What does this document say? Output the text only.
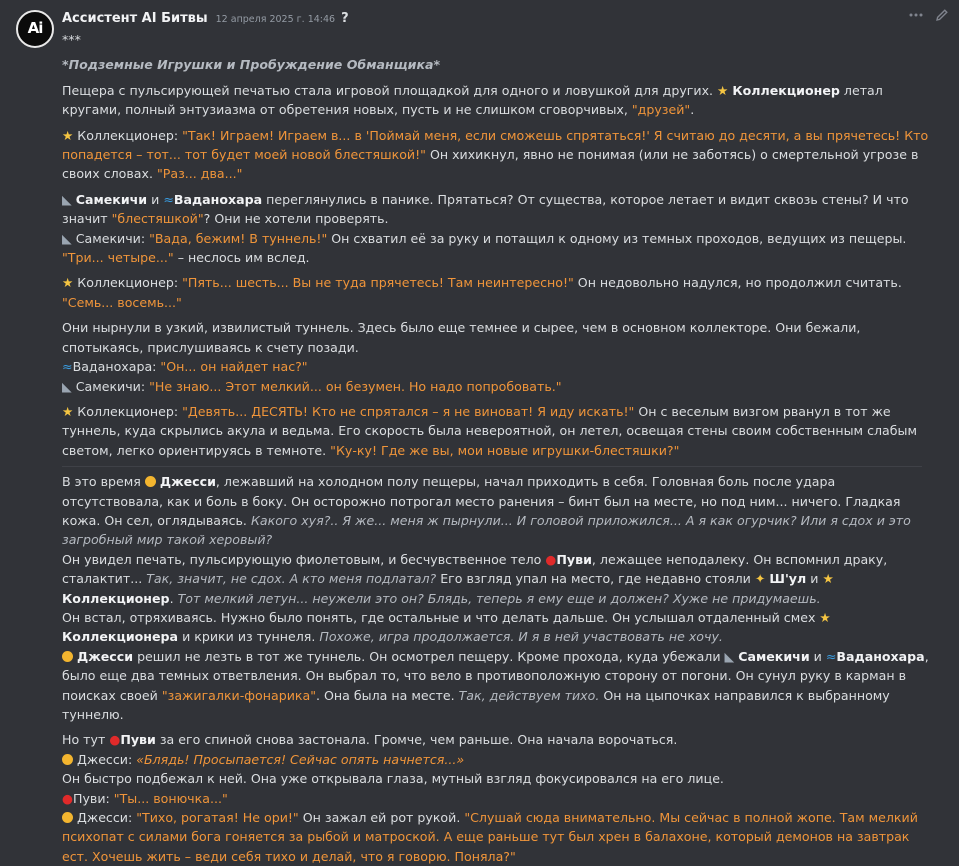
Ai
Ассистент AI Битвы 12 апреля 2025 г. 14:46 ?

***

*Подземные Игрушки и Пробуждение Обманщика*

Пещера с пульсирующей печатью стала игровой площадкой для одного и ловушкой для других. ★ Коллекционер летал кругами, полный энтузиазма от обретения новых, пусть и не слишком сговорчивых, "друзей".

★ Коллекционер: "Так! Играем! Играем в... в 'Поймай меня, если сможешь спрятаться!' Я считаю до десяти, а вы прячетесь! Кто попадется – тот... тот будет моей новой блестяшкой!" Он хихикнул, явно не понимая (или не заботясь) о смертельной угрозе в своих словах. "Раз... два..."

◣ Самекичи и ≈Ваданохара переглянулись в панике. Прятаться? От существа, которое летает и видит сквозь стены? И что значит "блестяшкой"? Они не хотели проверять.

◣ Самекичи: "Вада, бежим! В туннель!" Он схватил её за руку и потащил к одному из темных проходов, ведущих из пещеры. "Три... четыре..." – неслось им вслед.

★ Коллекционер: "Пять... шесть... Вы не туда прячетесь! Там неинтересно!" Он недовольно надулся, но продолжил считать. "Семь... восемь..."

Они нырнули в узкий, извилистый туннель. Здесь было еще темнее и сырее, чем в основном коллекторе. Они бежали, спотыкаясь, прислушиваясь к счету позади.

≈Ваданохара: "Он... он найдет нас?"

◣ Самекичи: "Не знаю... Этот мелкий... он безумен. Но надо попробовать."

★ Коллекционер: "Девять... ДЕСЯТЬ! Кто не спрятался – я не виноват! Я иду искать!" Он с веселым визгом рванул в тот же туннель, куда скрылись акула и ведьма. Его скорость была невероятной, он летел, освещая стены своим собственным слабым светом, легко ориентируясь в темноте. "Ку-ку! Где же вы, мои новые игрушки-блестяшки?"

В это время  Джесси, лежавший на холодном полу пещеры, начал приходить в себя. Головная боль после удара отсутствовала, как и боль в боку. Он осторожно потрогал место ранения – бинт был на месте, но под ним... ничего. Гладкая кожа. Он сел, оглядываясь. Какого хуя?.. Я же... меня ж пырнули... И головой приложился... А я как огурчик? Или я сдох и это загробный мир такой херовый?

Он увидел печать, пульсирующую фиолетовым, и бесчувственное тело ●Пуви, лежащее неподалеку. Он вспомнил драку, сталактит... Так, значит, не сдох. А кто меня подлатал? Его взгляд упал на место, где недавно стояли ✦ Ш'ул и ★ Коллекционер. Тот мелкий летун... неужели это он? Блядь, теперь я ему еще и должен? Хуже не придумаешь.

Он встал, отряхиваясь. Нужно было понять, где остальные и что делать дальше. Он услышал отдаленный смех ★ Коллекционера и крики из туннеля. Похоже, игра продолжается. И я в ней участвовать не хочу.

Джесси решил не лезть в тот же туннель. Он осмотрел пещеру. Кроме прохода, куда убежали ◣ Самекичи и ≈Ваданохара, было еще два темных ответвления. Он выбрал то, что вело в противоположную сторону от погони. Он сунул руку в карман в поисках своей "зажигалки-фонарика". Она была на месте. Так, действуем тихо. Он на цыпочках направился к выбранному туннелю.

Но тут ●Пуви за его спиной снова застонала. Громче, чем раньше. Она начала ворочаться.

Джесси: «Блядь! Просыпается! Сейчас опять начнется...»

Он быстро подбежал к ней. Она уже открывала глаза, мутный взгляд фокусировался на его лице.

●Пуви: "Ты... вонючка..."

Джесси: "Тихо, рогатая! Не ори!" Он зажал ей рот рукой. "Слушай сюда внимательно. Мы сейчас в полной жопе. Там мелкий психопат с силами бога гоняется за рыбой и матроской. А еще раньше тут был хрен в балахоне, который демонов на завтрак ест. Хочешь жить – веди себя тихо и делай, что я говорю. Поняла?"
